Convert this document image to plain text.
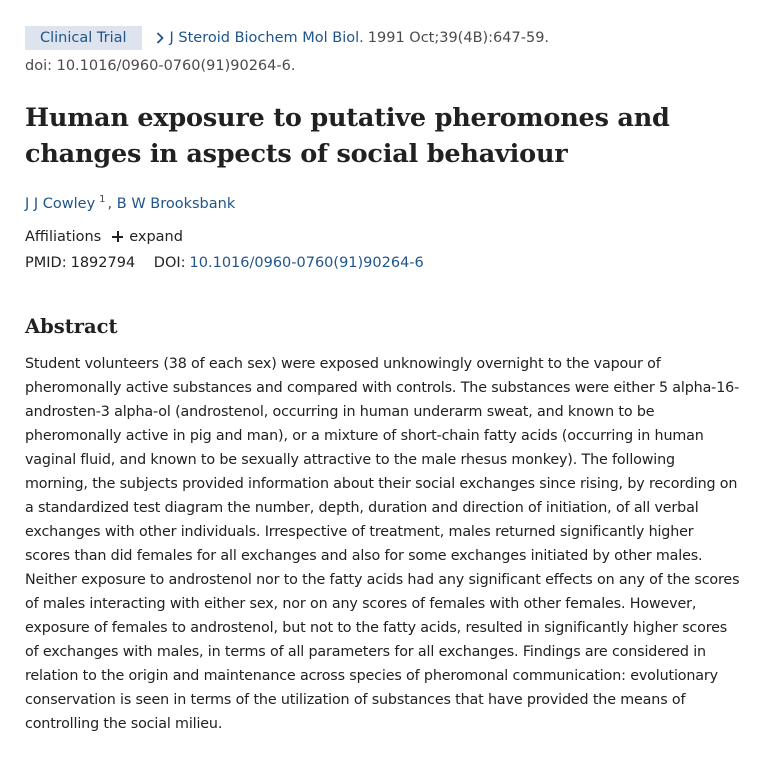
Clinical Trial	J Steroid Biochem Mol Biol. 1991 Oct;39(4B):647-59.
doi: 10.1016/0960-0760(91)90264-6.
Human exposure to putative pheromones and changes in aspects of social behaviour
J J Cowley $^1$ , B W Brooksbank
Affiliations expand
PMID: 1892794 DOI: 10.1016/0960-0760(91)90264-6
Abstract
Student volunteers (38 of each sex) were exposed unknowingly overnight to the vapour of pheromonally active substances and compared with controls. The substances were either 5 alpha-16-androsten-3 alpha-ol (androstenol, occurring in human underarm sweat, and known to be pheromonally active in pig and man), or a mixture of short-chain fatty acids (occurring in human vaginal fluid, and known to be sexually attractive to the male rhesus monkey). The following morning, the subjects provided information about their social exchanges since rising, by recording on a standardized test diagram the number, depth, duration and direction of initiation, of all verbal exchanges with other individuals. Irrespective of treatment, males returned significantly higher scores than did females for all exchanges and also for some exchanges initiated by other males. Neither exposure to androstenol nor to the fatty acids had any significant effects on any of the scores of males interacting with either sex, nor on any scores of females with other females. However, exposure of females to androstenol, but not to the fatty acids, resulted in significantly higher scores of exchanges with males, in terms of all parameters for all exchanges. Findings are considered in relation to the origin and maintenance across species of pheromonal communication: evolutionary conservation is seen in terms of the utilization of substances that have provided the means of controlling the social milieu.
